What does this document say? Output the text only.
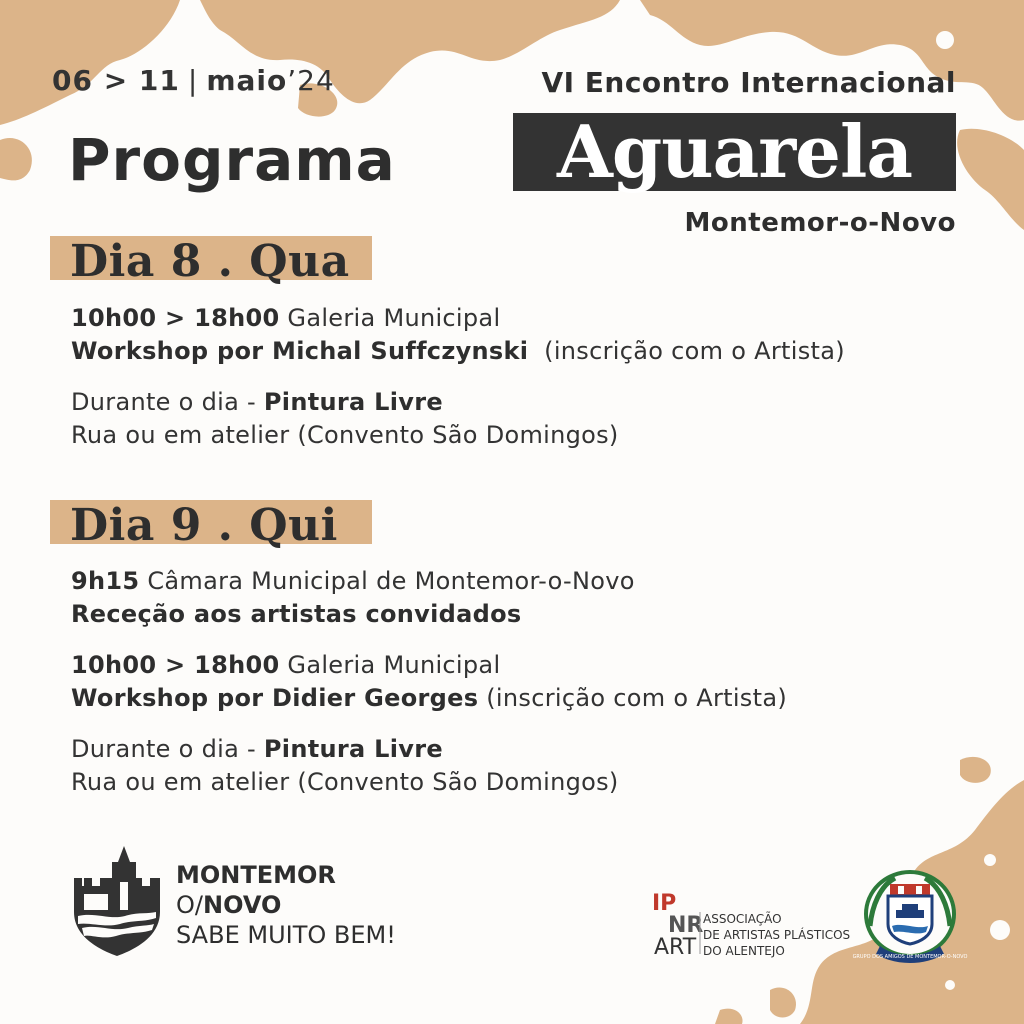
06 > 11 | maio’24
Programa
VI Encontro Internacional
Aguarela
Montemor-o-Novo
Dia 8 . Qua
10h00 > 18h00 Galeria Municipal
Workshop por Michal Suffczynski  (inscrição com o Artista)
Durante o dia - Pintura Livre
Rua ou em atelier (Convento São Domingos)
Dia 9 . Qui
9h15 Câmara Municipal de Montemor-o-Novo
Receção aos artistas convidados
10h00 > 18h00 Galeria Municipal
Workshop por Didier Georges (inscrição com o Artista)
Durante o dia - Pintura Livre
Rua ou em atelier (Convento São Domingos)
MONTEMOR
O/NOVO
SABE MUITO BEM!
IP
NR
ART
ASSOCIAÇÃO
DE ARTISTAS PLÁSTICOS
DO ALENTEJO	GRUPO DOS AMIGOS DE MONTEMOR-O-NOVO
